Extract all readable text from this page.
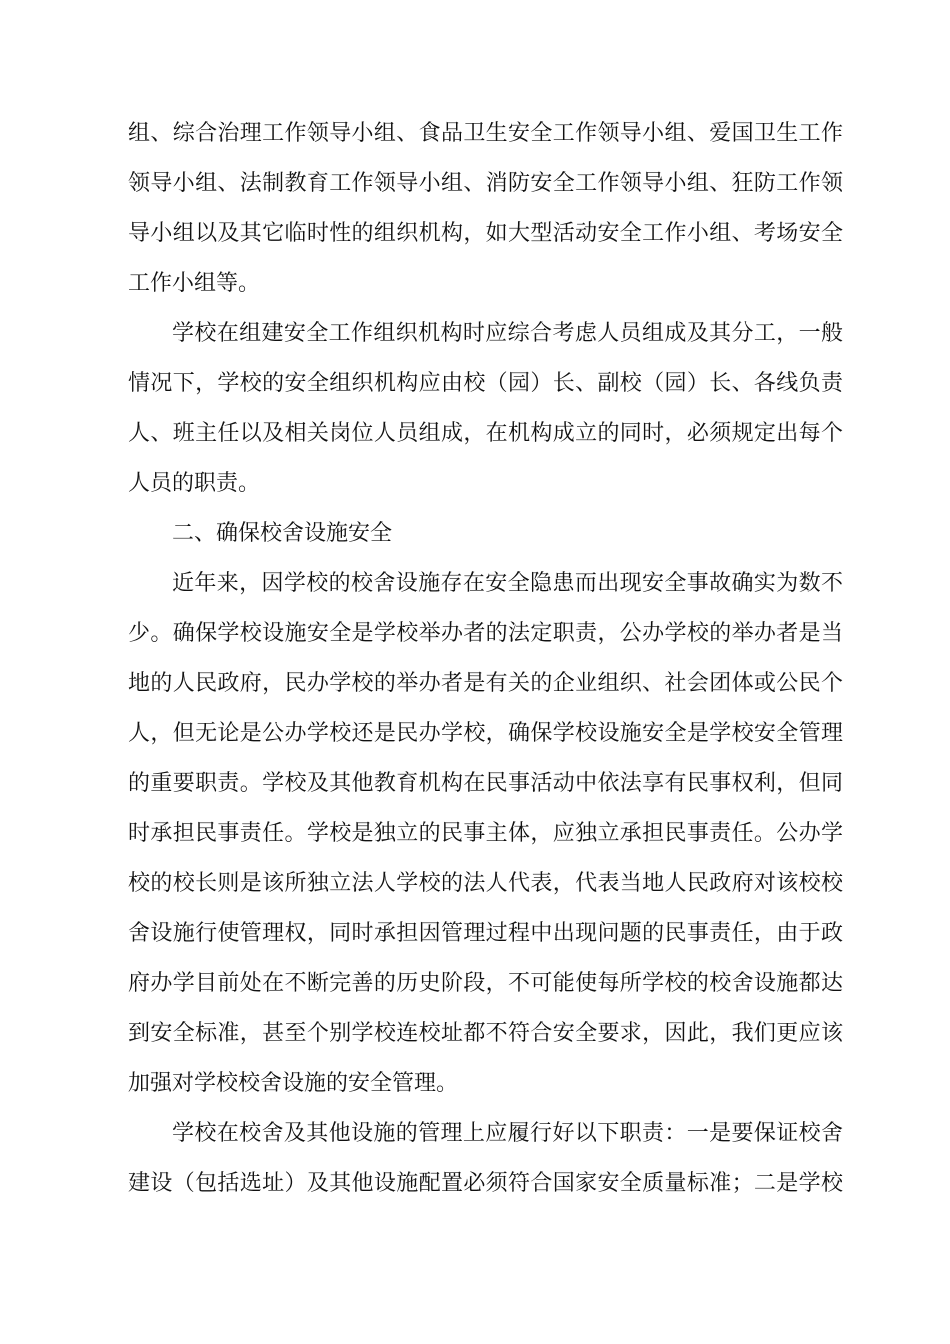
组、综合治理工作领导小组、食品卫生安全工作领导小组、爱国卫生工作
领导小组、法制教育工作领导小组、消防安全工作领导小组、狂防工作领
导小组以及其它临时性的组织机构，如大型活动安全工作小组、考场安全
工作小组等。
学校在组建安全工作组织机构时应综合考虑人员组成及其分工，一般
情况下，学校的安全组织机构应由校（园）长、副校（园）长、各线负责
人、班主任以及相关岗位人员组成，在机构成立的同时，必须规定出每个
人员的职责。
二、确保校舍设施安全
近年来，因学校的校舍设施存在安全隐患而出现安全事故确实为数不
少。确保学校设施安全是学校举办者的法定职责，公办学校的举办者是当
地的人民政府，民办学校的举办者是有关的企业组织、社会团体或公民个
人，但无论是公办学校还是民办学校，确保学校设施安全是学校安全管理
的重要职责。学校及其他教育机构在民事活动中依法享有民事权利，但同
时承担民事责任。学校是独立的民事主体，应独立承担民事责任。公办学
校的校长则是该所独立法人学校的法人代表，代表当地人民政府对该校校
舍设施行使管理权，同时承担因管理过程中出现问题的民事责任，由于政
府办学目前处在不断完善的历史阶段，不可能使每所学校的校舍设施都达
到安全标准，甚至个别学校连校址都不符合安全要求，因此，我们更应该
加强对学校校舍设施的安全管理。
学校在校舍及其他设施的管理上应履行好以下职责：一是要保证校舍
建设（包括选址）及其他设施配置必须符合国家安全质量标准；二是学校
